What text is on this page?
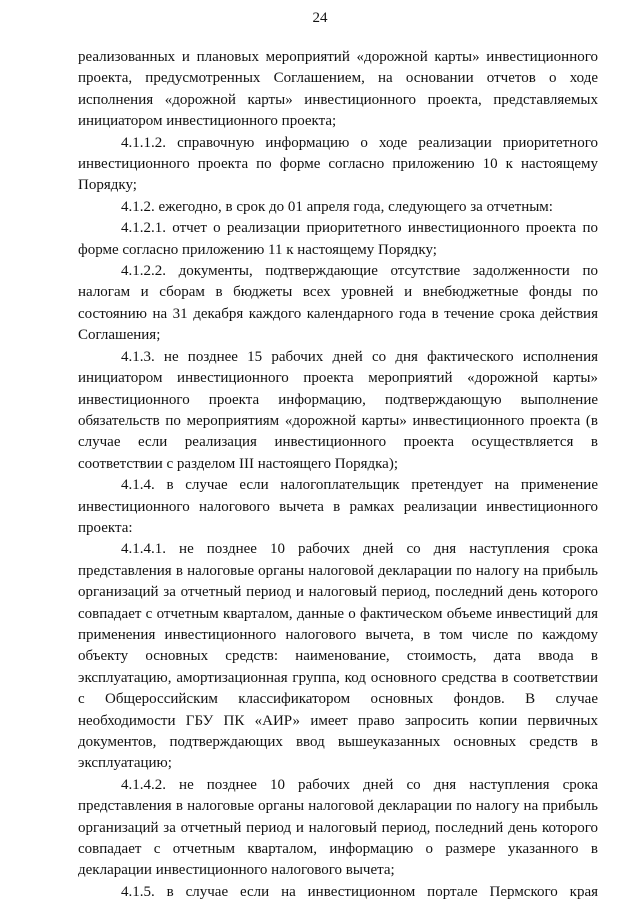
24

реализованных и плановых мероприятий «дорожной карты» инвестиционного проекта, предусмотренных Соглашением, на основании отчетов о ходе исполнения «дорожной карты» инвестиционного проекта, представляемых инициатором инвестиционного проекта;

4.1.1.2. справочную информацию о ходе реализации приоритетного инвестиционного проекта по форме согласно приложению 10 к настоящему Порядку;

4.1.2. ежегодно, в срок до 01 апреля года, следующего за отчетным:

4.1.2.1. отчет о реализации приоритетного инвестиционного проекта по форме согласно приложению 11 к настоящему Порядку;

4.1.2.2. документы, подтверждающие отсутствие задолженности по налогам и сборам в бюджеты всех уровней и внебюджетные фонды по состоянию на 31 декабря каждого календарного года в течение срока действия Соглашения;

4.1.3. не позднее 15 рабочих дней со дня фактического исполнения инициатором инвестиционного проекта мероприятий «дорожной карты» инвестиционного проекта информацию, подтверждающую выполнение обязательств по мероприятиям «дорожной карты» инвестиционного проекта (в случае если реализация инвестиционного проекта осуществляется в соответствии с разделом III настоящего Порядка);

4.1.4. в случае если налогоплательщик претендует на применение инвестиционного налогового вычета в рамках реализации инвестиционного проекта:

4.1.4.1. не позднее 10 рабочих дней со дня наступления срока представления в налоговые органы налоговой декларации по налогу на прибыль организаций за отчетный период и налоговый период, последний день которого совпадает с отчетным кварталом, данные о фактическом объеме инвестиций для применения инвестиционного налогового вычета, в том числе по каждому объекту основных средств: наименование, стоимость, дата ввода в эксплуатацию, амортизационная группа, код основного средства в соответствии с Общероссийским классификатором основных фондов. В случае необходимости ГБУ ПК «АИР» имеет право запросить копии первичных документов, подтверждающих ввод вышеуказанных основных средств в эксплуатацию;

4.1.4.2. не позднее 10 рабочих дней со дня наступления срока представления в налоговые органы налоговой декларации по налогу на прибыль организаций за отчетный период и налоговый период, последний день которого совпадает с отчетным кварталом, информацию о размере указанного в декларации инвестиционного налогового вычета;

4.1.5. в случае если на инвестиционном портале Пермского края
